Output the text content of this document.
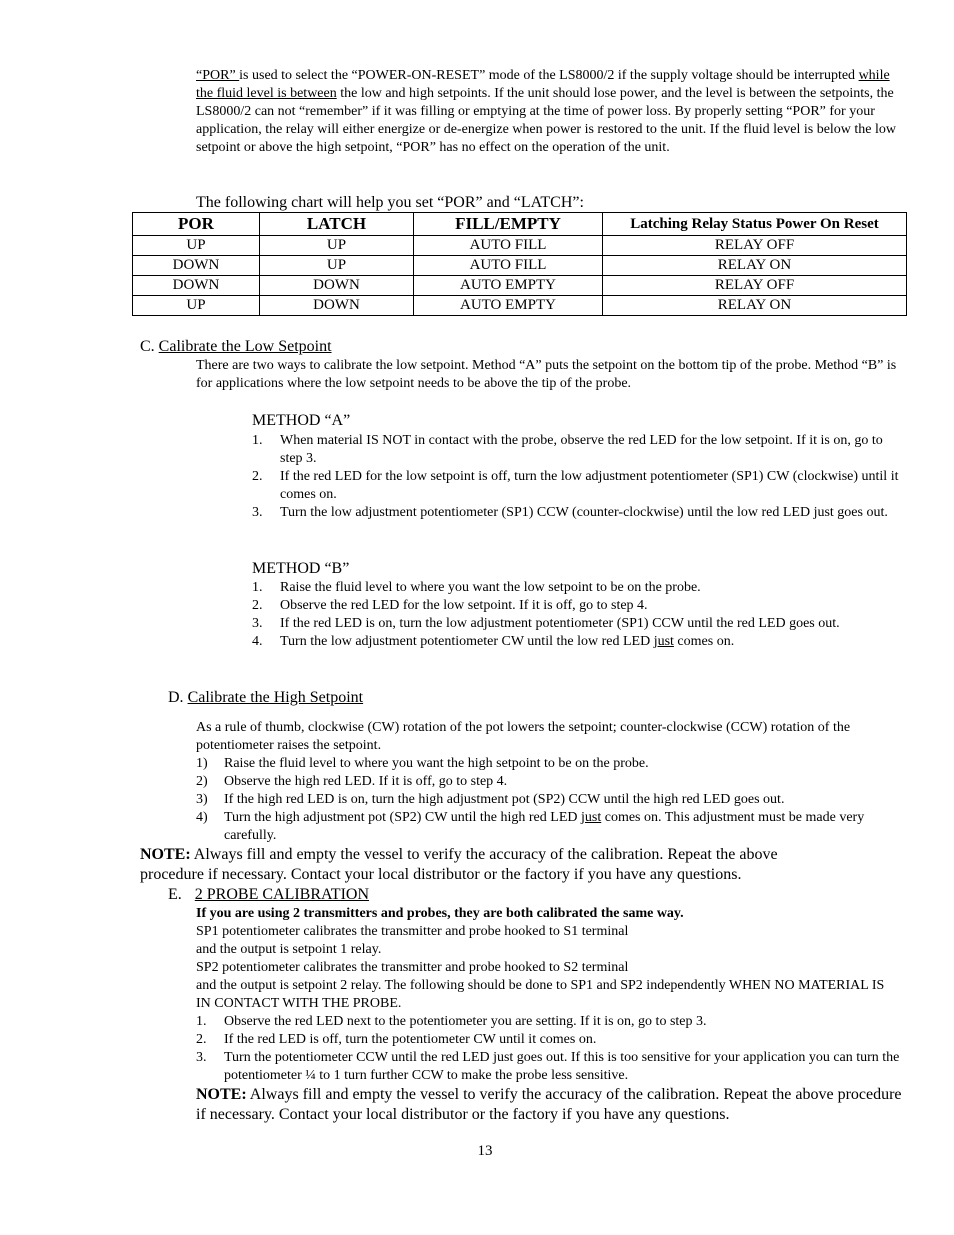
“POR” is used to select the “POWER-ON-RESET” mode of the LS8000/2 if the supply voltage should be interrupted while the fluid level is between the low and high setpoints. If the unit should lose power, and the level is between the setpoints, the LS8000/2 can not “remember” if it was filling or emptying at the time of power loss. By properly setting “POR” for your application, the relay will either energize or de-energize when power is restored to the unit. If the fluid level is below the low setpoint or above the high setpoint, “POR” has no effect on the operation of the unit.
The following chart will help you set “POR” and “LATCH”:
POR	LATCH	FILL/EMPTY	Latching Relay Status Power On Reset
UP	UP	AUTO FILL	RELAY OFF
DOWN	UP	AUTO FILL	RELAY ON
DOWN	DOWN	AUTO EMPTY	RELAY OFF
UP	DOWN	AUTO EMPTY	RELAY ON
C. Calibrate the Low Setpoint
There are two ways to calibrate the low setpoint. Method “A” puts the setpoint on the bottom tip of the probe. Method “B” is for applications where the low setpoint needs to be above the tip of the probe.
METHOD “A”
1. When material IS NOT in contact with the probe, observe the red LED for the low setpoint. If it is on, go to step 3.
2. If the red LED for the low setpoint is off, turn the low adjustment potentiometer (SP1) CW (clockwise) until it comes on.
3. Turn the low adjustment potentiometer (SP1) CCW (counter-clockwise) until the low red LED just goes out.
METHOD “B”
1. Raise the fluid level to where you want the low setpoint to be on the probe.
2. Observe the red LED for the low setpoint. If it is off, go to step 4.
3. If the red LED is on, turn the low adjustment potentiometer (SP1) CCW until the red LED goes out.
4. Turn the low adjustment potentiometer CW until the low red LED just comes on.
D. Calibrate the High Setpoint
As a rule of thumb, clockwise (CW) rotation of the pot lowers the setpoint; counter-clockwise (CCW) rotation of the potentiometer raises the setpoint.
1) Raise the fluid level to where you want the high setpoint to be on the probe.
2) Observe the high red LED. If it is off, go to step 4.
3) If the high red LED is on, turn the high adjustment pot (SP2) CCW until the high red LED goes out.
4) Turn the high adjustment pot (SP2) CW until the high red LED just comes on. This adjustment must be made very carefully.
NOTE: Always fill and empty the vessel to verify the accuracy of the calibration. Repeat the above procedure if necessary. Contact your local distributor or the factory if you have any questions.
E. 2 PROBE CALIBRATION
If you are using 2 transmitters and probes, they are both calibrated the same way.
SP1 potentiometer calibrates the transmitter and probe hooked to S1 terminal
and the output is setpoint 1 relay.
SP2 potentiometer calibrates the transmitter and probe hooked to S2 terminal
and the output is setpoint 2 relay. The following should be done to SP1 and SP2 independently WHEN NO MATERIAL IS IN CONTACT WITH THE PROBE.
1. Observe the red LED next to the potentiometer you are setting. If it is on, go to step 3.
2. If the red LED is off, turn the potentiometer CW until it comes on.
3. Turn the potentiometer CCW until the red LED just goes out. If this is too sensitive for your application you can turn the potentiometer ¼ to 1 turn further CCW to make the probe less sensitive.
NOTE: Always fill and empty the vessel to verify the accuracy of the calibration. Repeat the above procedure if necessary. Contact your local distributor or the factory if you have any questions.
13
